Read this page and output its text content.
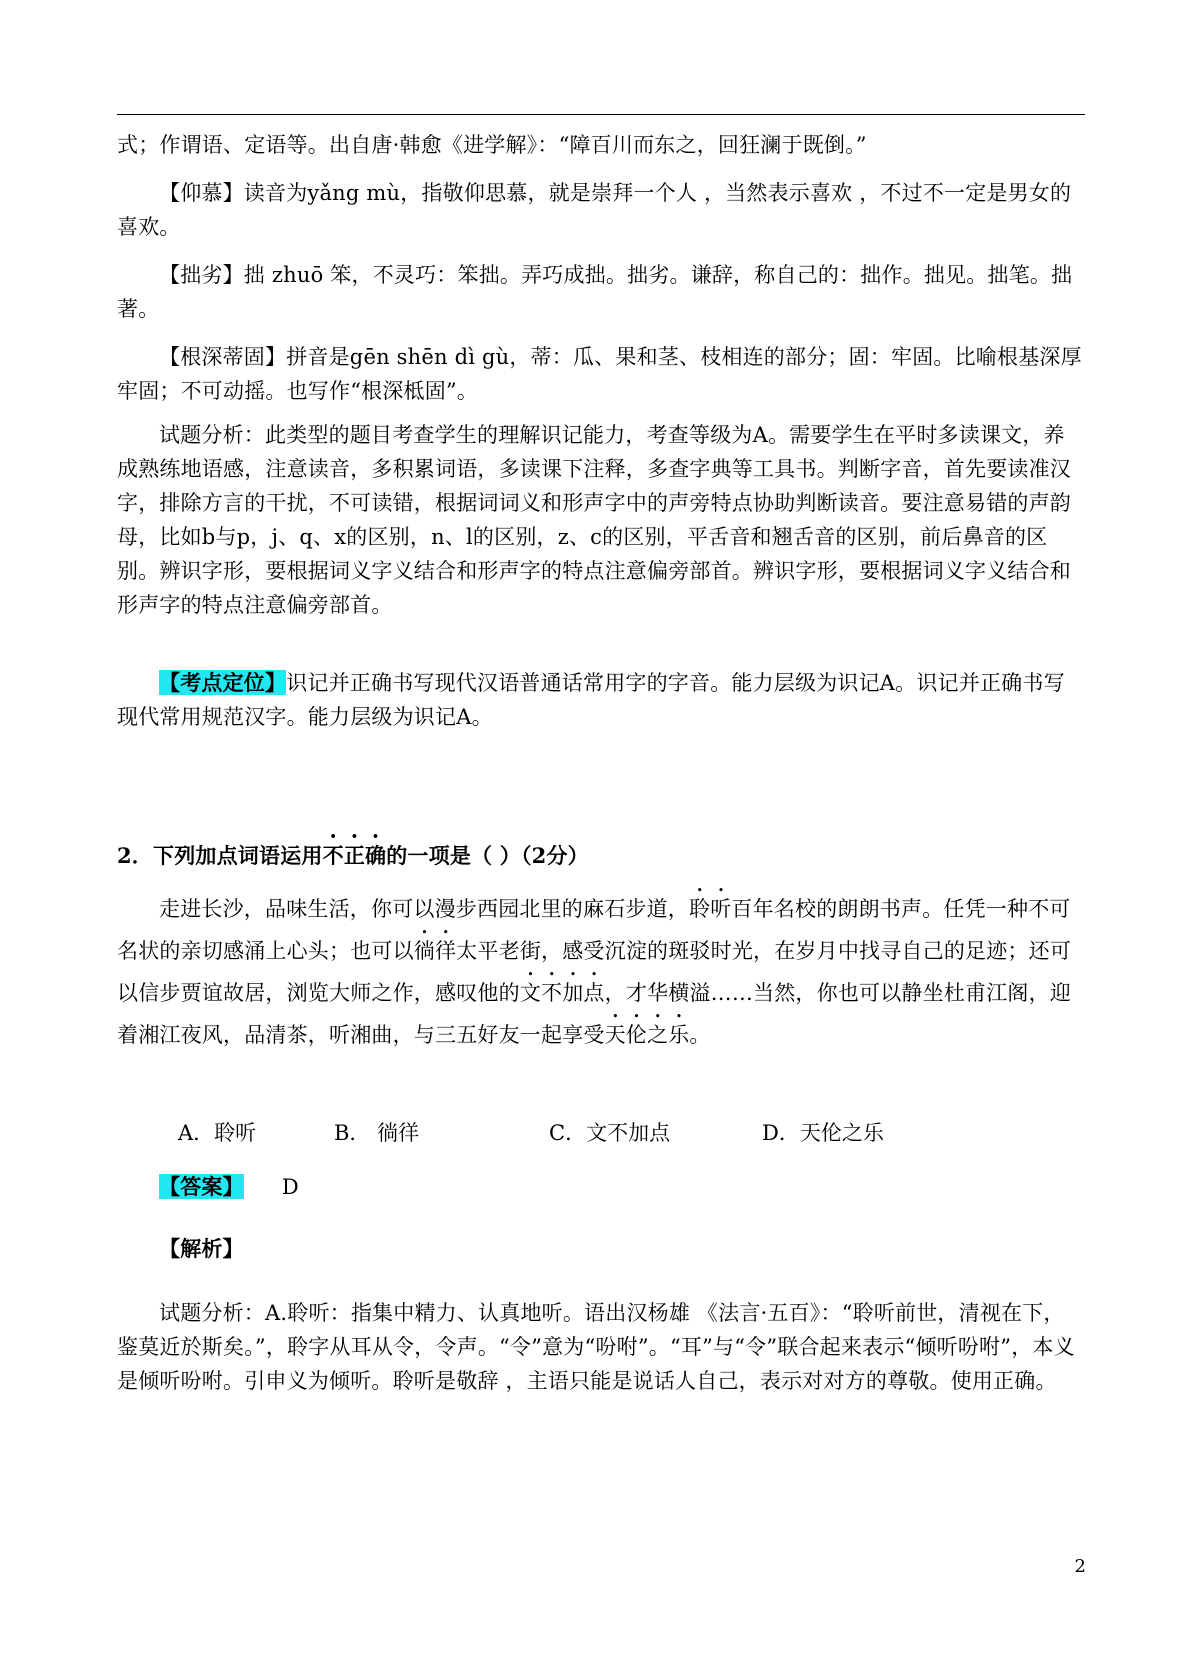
式；作谓语、定语等。出自唐·韩愈《进学解》：“障百川而东之，回狂澜于既倒。”

【仰慕】读音为yǎng mù，指敬仰思慕，就是崇拜一个人 ，当然表示喜欢 ，不过不一定是男女的喜欢。

【拙劣】拙 zhuō 笨，不灵巧：笨拙。弄巧成拙。拙劣。谦辞，称自己的：拙作。拙见。拙笔。拙著。

【根深蒂固】拼音是gēn shēn dì gù，蒂：瓜、果和茎、枝相连的部分；固：牢固。比喻根基深厚牢固；不可动摇。也写作“根深柢固”。

试题分析：此类型的题目考查学生的理解识记能力，考查等级为A。需要学生在平时多读课文，养成熟练地语感，注意读音，多积累词语，多读课下注释，多查字典等工具书。判断字音，首先要读准汉字，排除方言的干扰，不可读错，根据词词义和形声字中的声旁特点协助判断读音。要注意易错的声韵母，比如b与p，j、q、x的区别，n、l的区别，z、c的区别，平舌音和翘舌音的区别，前后鼻音的区别。辨识字形，要根据词义字义结合和形声字的特点注意偏旁部首。辨识字形，要根据词义字义结合和形声字的特点注意偏旁部首。

【考点定位】识记并正确书写现代汉语普通话常用字的字音。能力层级为识记A。识记并正确书写现代常用规范汉字。能力层级为识记A。

2．下列加点词语运用不正确的一项是（ ）（2分）

走进长沙，品味生活，你可以漫步西园北里的麻石步道，聆听百年名校的朗朗书声。任凭一种不可名状的亲切感涌上心头；也可以徜徉太平老街，感受沉淀的斑驳时光，在岁月中找寻自己的足迹；还可以信步贾谊故居，浏览大师之作，感叹他的文不加点，才华横溢……当然，你也可以静坐杜甫江阁，迎着湘江夜风，品清茶，听湘曲，与三五好友一起享受天伦之乐。

A．聆听	B． 徜徉	C．文不加点	D．天伦之乐

【答案】 D

【解析】

试题分析：A.聆听：指集中精力、认真地听。语出汉杨雄 《法言·五百》：“聆听前世，清视在下，鉴莫近於斯矣。”，聆字从耳从令，令声。“令”意为“吩咐”。“耳”与“令”联合起来表示“倾听吩咐”，本义是倾听吩咐。引申义为倾听。聆听是敬辞 ，主语只能是说话人自己，表示对对方的尊敬。使用正确。

2
